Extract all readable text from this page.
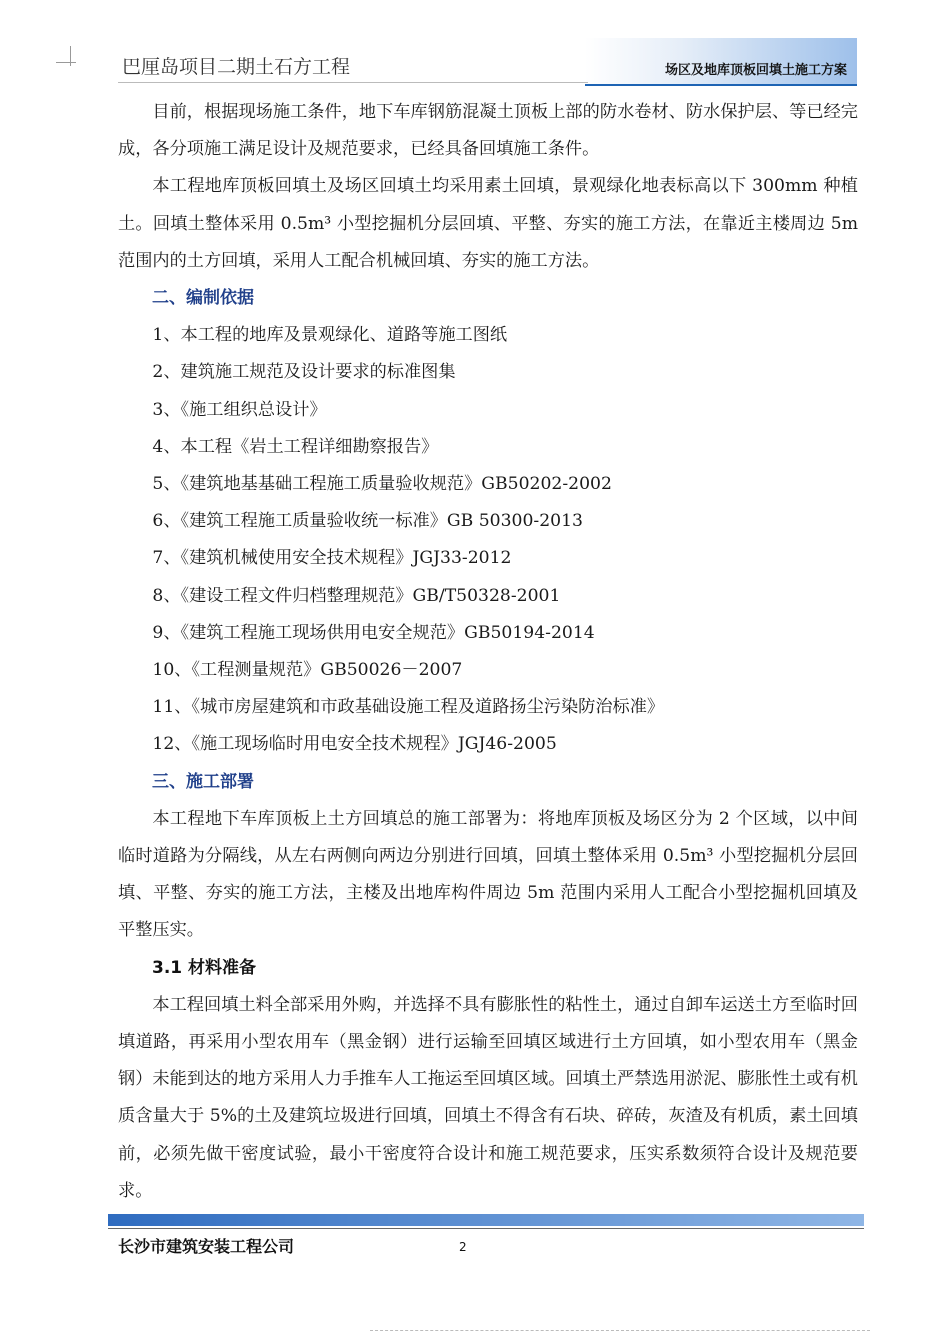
巴厘岛项目二期土石方工程	场区及地库顶板回填土施工方案

目前，根据现场施工条件，地下车库钢筋混凝土顶板上部的防水卷材、防水保护层、等已经完成，各分项施工满足设计及规范要求，已经具备回填施工条件。

本工程地库顶板回填土及场区回填土均采用素土回填，景观绿化地表标高以下 300mm 种植土。回填土整体采用 0.5m³ 小型挖掘机分层回填、平整、夯实的施工方法，在靠近主楼周边 5m 范围内的土方回填，采用人工配合机械回填、夯实的施工方法。

二、编制依据

1、本工程的地库及景观绿化、道路等施工图纸

2、建筑施工规范及设计要求的标准图集

3、《施工组织总设计》

4、本工程《岩土工程详细勘察报告》

5、《建筑地基基础工程施工质量验收规范》GB50202-2002

6、《建筑工程施工质量验收统一标准》GB 50300-2013

7、《建筑机械使用安全技术规程》JGJ33-2012

8、《建设工程文件归档整理规范》GB/T50328-2001

9、《建筑工程施工现场供用电安全规范》GB50194-2014

10、《工程测量规范》GB50026－2007

11、《城市房屋建筑和市政基础设施工程及道路扬尘污染防治标准》

12、《施工现场临时用电安全技术规程》JGJ46-2005

三、施工部署

本工程地下车库顶板上土方回填总的施工部署为：将地库顶板及场区分为 2 个区域，以中间临时道路为分隔线，从左右两侧向两边分别进行回填，回填土整体采用 0.5m³ 小型挖掘机分层回填、平整、夯实的施工方法，主楼及出地库构件周边 5m 范围内采用人工配合小型挖掘机回填及平整压实。

3.1 材料准备

本工程回填土料全部采用外购，并选择不具有膨胀性的粘性土，通过自卸车运送土方至临时回填道路，再采用小型农用车（黑金钢）进行运输至回填区域进行土方回填，如小型农用车（黑金钢）未能到达的地方采用人力手推车人工拖运至回填区域。回填土严禁选用淤泥、膨胀性土或有机质含量大于 5%的土及建筑垃圾进行回填，回填土不得含有石块、碎砖，灰渣及有机质，素土回填前，必须先做干密度试验，最小干密度符合设计和施工规范要求，压实系数须符合设计及规范要求。

长沙市建筑安装工程公司	2
